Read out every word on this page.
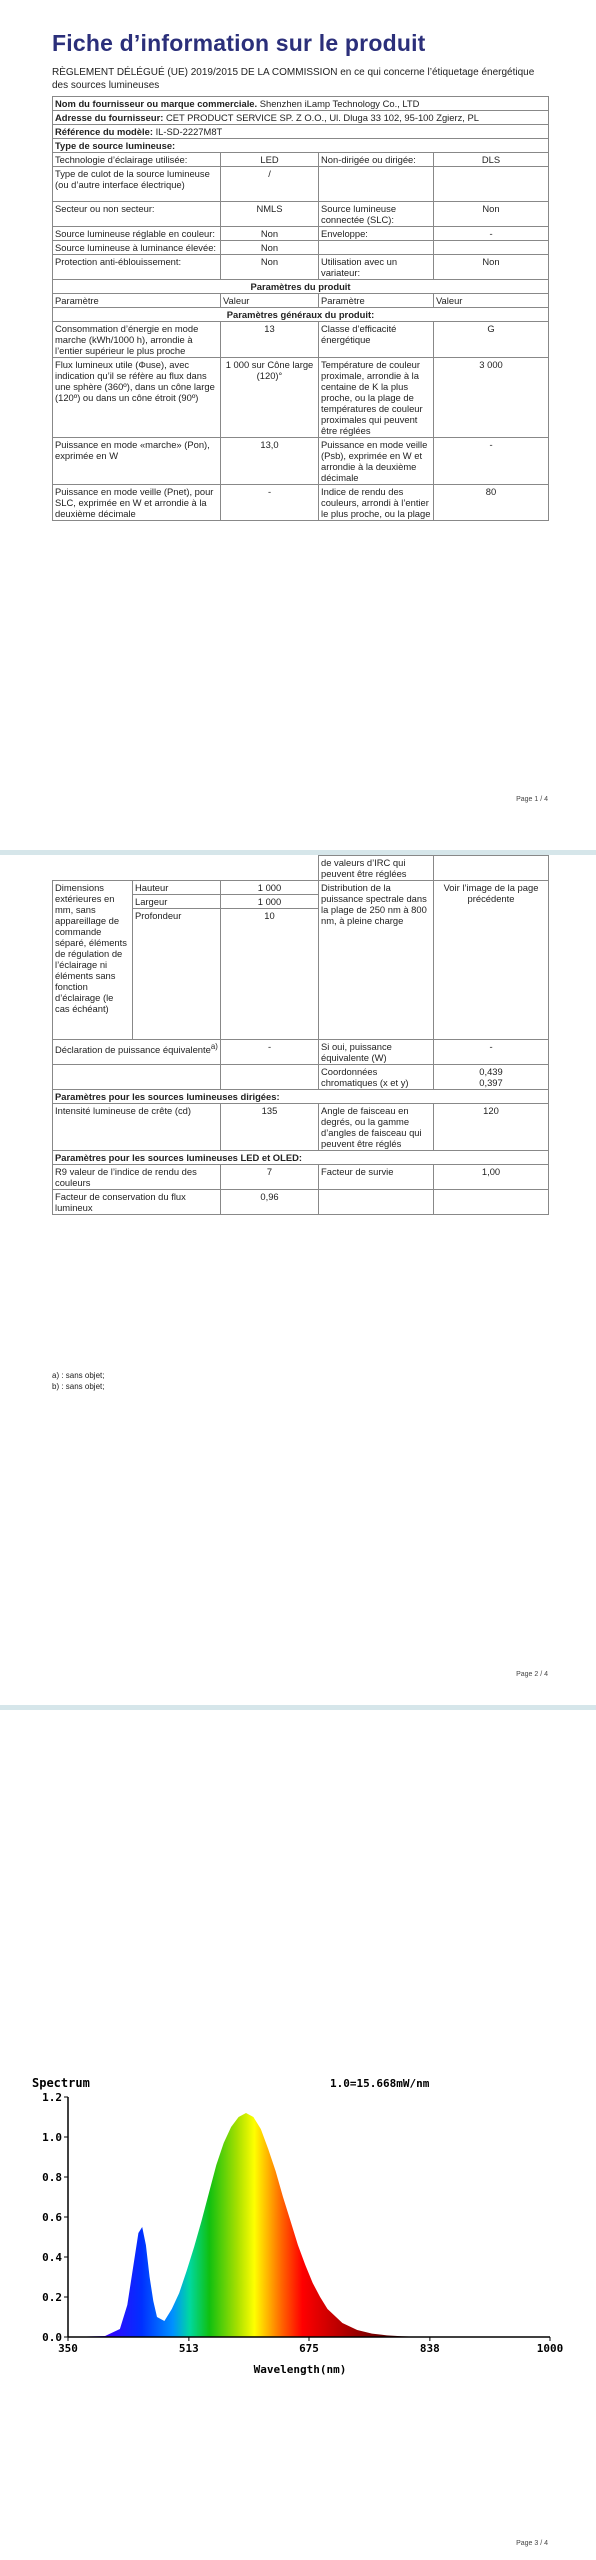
Fiche d’information sur le produit
RÈGLEMENT DÉLÉGUÉ (UE) 2019/2015 DE LA COMMISSION en ce qui concerne l’étiquetage énergétique des sources lumineuses
Nom du fournisseur ou marque commerciale. Shenzhen iLamp Technology Co., LTD			
Adresse du fournisseur: CET PRODUCT SERVICE SP. Z O.O., Ul. Dluga 33 102, 95-100 Zgierz, PL			
Référence du modèle: IL-SD-2227M8T			
Type de source lumineuse:			
Technologie d’éclairage utilisée:	LED	Non-dirigée ou dirigée:	DLS
Type de culot de la source lumineuse (ou d’autre interface électrique)	/		
Secteur ou non secteur:	NMLS	Source lumineuse connectée (SLC):	Non
Source lumineuse réglable en couleur:	Non	Enveloppe:	-
Source lumineuse à luminance élevée:	Non		
Protection anti-éblouissement:	Non	Utilisation avec un variateur:	Non
Paramètres du produit			
Paramètre	Valeur	Paramètre	Valeur
Paramètres généraux du produit:			
Consommation d’énergie en mode marche (kWh/1000 h), arrondie à l’entier supérieur le plus proche	13	Classe d’efficacité énergétique	G
Flux lumineux utile (Φuse), avec indication qu’il se réfère au flux dans une sphère (360º), dans un cône large (120º) ou dans un cône étroit (90º)	1 000 sur Cône large (120)°	Température de couleur proximale, arrondie à la centaine de K la plus proche, ou la plage de températures de couleur proximales qui peuvent être réglées	3 000
Puissance en mode «marche» (Pon), exprimée en W	13,0	Puissance en mode veille (Psb), exprimée en W et arrondie à la deuxième décimale	-
Puissance en mode veille (Pnet), pour SLC, exprimée en W et arrondie à la deuxième décimale	-	Indice de rendu des couleurs, arrondi à l’entier le plus proche, ou la plage	80
Page 1 / 4
			de valeurs d’IRC qui peuvent être réglées	
Dimensions extérieures en mm, sans appareillage de commande séparé, éléments de régulation de l’éclairage ni éléments sans fonction d’éclairage (le cas échéant)	Hauteur	1 000	Distribution de la puissance spectrale dans la plage de 250 nm à 800 nm, à pleine charge	Voir l’image de la page précédente
	Largeur	1 000		
	Profondeur	10		
Déclaration de puissance équivalente$^{a)}$		-	Si oui, puissance équivalente (W)	-
			Coordonnées chromatiques (x et y)	0,439
0,397

Paramètres pour les sources lumineuses dirigées:				
Intensité lumineuse de crête (cd)		135	Angle de faisceau en degrés, ou la gamme d’angles de faisceau qui peuvent être réglés	120
Paramètres pour les sources lumineuses LED et OLED:				
R9 valeur de l’indice de rendu des couleurs		7	Facteur de survie	1,00
Facteur de conservation du flux lumineux		0,96		
a) : sans objet;
b) : sans objet;
Page 2 / 4
Spectrum	1.0=15.668mW/nm
Wavelength(nm)
0.0
0.2
0.4
0.6
0.8
1.0
1.2
350	513	675	838	1000
Page 3 / 4
